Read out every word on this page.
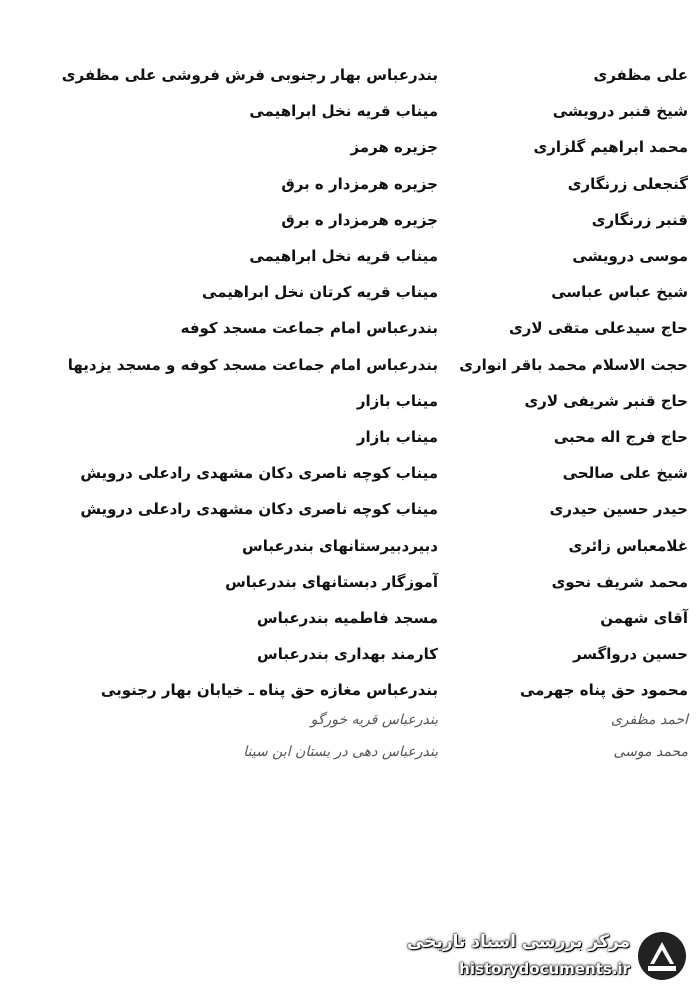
علی مظفری
بندرعباس بهار رجنوبی فرش فروشی علی مظفری
شیخ قنبر درویشی
میناب قریه نخل ابراهیمی
محمد ابراهیم گلزاری
جزیره هرمز
گنجعلی زرنگاری
جزیره هرمزدار ه برق
قنبر زرنگاری
جزیره هرمزدار ه برق
موسی درویشی
میناب قریه نخل ابراهیمی
شیخ عباس عباسی
میناب قریه کرتان نخل ابراهیمی
حاج سیدعلی متقی لاری
بندرعباس امام جماعت مسجد کوفه
حجت الاسلام محمد باقر انواری
بندرعباس امام جماعت مسجد کوفه و مسجد یزدیها
حاج قنبر شریفی لاری
میناب بازار
حاج فرج اله محبی
میناب بازار
شیخ علی صالحی
میناب کوچه ناصری دکان مشهدی رادعلی درویش
حیدر حسین حیدری
میناب کوچه ناصری دکان مشهدی رادعلی درویش
غلامعباس زائری
دبیردبیرستانهای بندرعباس
محمد شریف نحوی
آموزگار دبستانهای بندرعباس
آقای شهمن
مسجد فاطمیه بندرعباس
حسین درواگسر
کارمند بهداری بندرعباس
محمود حق پناه جهرمی
بندرعباس مغازه حق پناه ـ خیابان بهار رجنوبی
احمد مظفری
بندرعباس قریه خورگو
محمد موسی
بندرعباس دهی در بستان ابن سینا
مرکز بررسی اسناد تاریخی
historydocuments.ir
